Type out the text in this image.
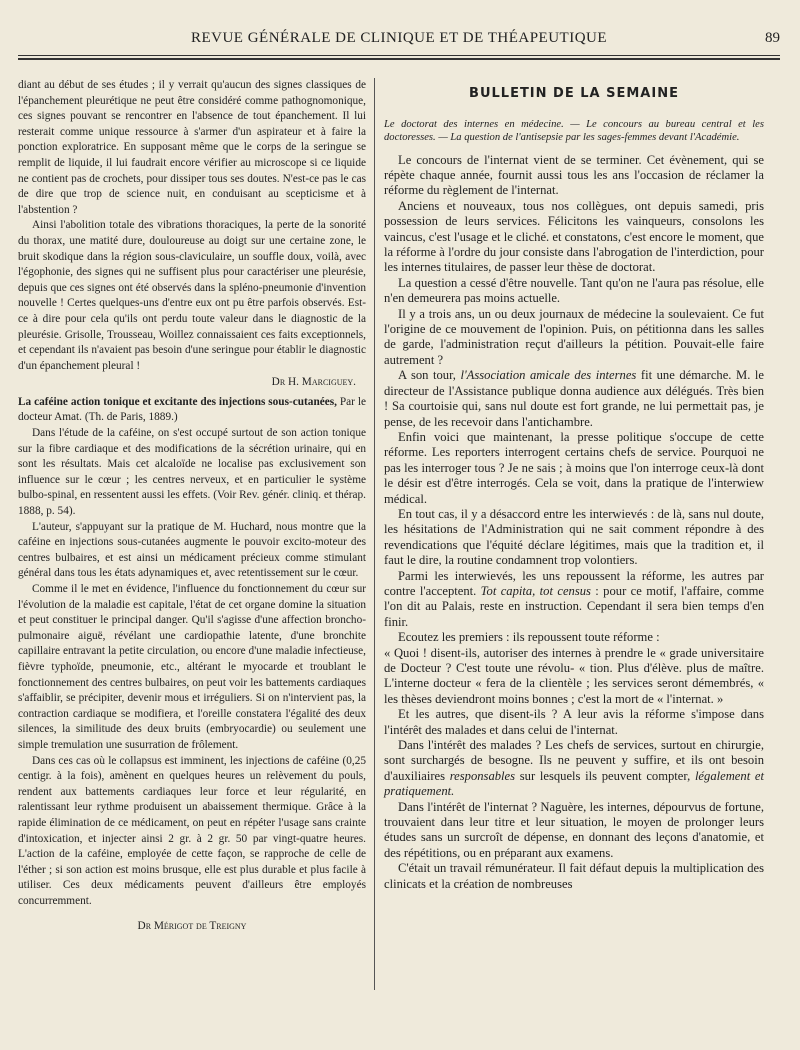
REVUE GÉNÉRALE DE CLINIQUE ET DE THÉAPEUTIQUE	89

diant au début de ses études ; il y verrait qu'aucun des signes classiques de l'épanchement pleurétique ne peut être considéré comme pathognomonique, ces signes pouvant se rencontrer en l'absence de tout épanchement. Il lui resterait comme unique ressource à s'armer d'un aspirateur et à faire la ponction exploratrice. En supposant même que le corps de la seringue se remplit de liquide, il lui faudrait encore vérifier au microscope si ce liquide ne contient pas de crochets, pour dissiper tous ses doutes. N'est-ce pas le cas de dire que trop de science nuit, en conduisant au scepticisme et à l'abstention ?

Ainsi l'abolition totale des vibrations thoraciques, la perte de la sonorité du thorax, une matité dure, douloureuse au doigt sur une certaine zone, le bruit skodique dans la région sous-claviculaire, un souffle doux, voilà, avec l'égophonie, des signes qui ne suffisent plus pour caractériser une pleurésie, depuis que ces signes ont été observés dans la spléno-pneumonie d'invention nouvelle ! Certes quelques-uns d'entre eux ont pu être parfois observés. Est-ce à dire pour cela qu'ils ont perdu toute valeur dans le diagnostic de la pleurésie. Grisolle, Trousseau, Woillez connaissaient ces faits exceptionnels, et cependant ils n'avaient pas besoin d'une seringue pour établir le diagnostic d'un épanchement pleural !

Dr H. Marciguey.

La caféine action tonique et excitante des injections sous-cutanées, Par le docteur Amat. (Th. de Paris, 1889.)

Dans l'étude de la caféine, on s'est occupé surtout de son action tonique sur la fibre cardiaque et des modifications de la sécrétion urinaire, qui en sont les résultats. Mais cet alcaloïde ne localise pas exclusivement son influence sur le cœur ; les centres nerveux, et en particulier le système bulbo-spinal, en ressentent aussi les effets. (Voir Rev. génér. cliniq. et thérap. 1888, p. 54).

L'auteur, s'appuyant sur la pratique de M. Huchard, nous montre que la caféine en injections sous-cutanées augmente le pouvoir excito-moteur des centres bulbaires, et est ainsi un médicament précieux comme stimulant général dans tous les états adynamiques et, avec retentissement sur le cœur.

Comme il le met en évidence, l'influence du fonctionnement du cœur sur l'évolution de la maladie est capitale, l'état de cet organe domine la situation et peut constituer le principal danger. Qu'il s'agisse d'une affection broncho-pulmonaire aiguë, révélant une cardiopathie latente, d'une bronchite capillaire entravant la petite circulation, ou encore d'une maladie infectieuse, fièvre typhoïde, pneumonie, etc., altérant le myocarde et troublant le fonctionnement des centres bulbaires, on peut voir les battements cardiaques s'affaiblir, se précipiter, devenir mous et irréguliers. Si on n'intervient pas, la contraction cardiaque se modifiera, et l'oreille constatera l'égalité des deux silences, la similitude des deux bruits (embryocardie) ou seulement une simple tremulation une susurration de frôlement.

Dans ces cas où le collapsus est imminent, les injections de caféine (0,25 centigr. à la fois), amènent en quelques heures un relèvement du pouls, rendent aux battements cardiaques leur force et leur régularité, en ralentissant leur rythme produisent un abaissement thermique. Grâce à la rapide élimination de ce médicament, on peut en répéter l'usage sans crainte d'intoxication, et injecter ainsi 2 gr. à 2 gr. 50 par vingt-quatre heures. L'action de la caféine, employée de cette façon, se rapproche de celle de l'éther ; si son action est moins brusque, elle est plus durable et plus facile à utiliser. Ces deux médicaments peuvent d'ailleurs être employés concurremment.

Dr Mérigot de Treigny
BULLETIN DE LA SEMAINE
Le doctorat des internes en médecine. — Le concours au bureau central et les doctoresses. — La question de l'antisepsie par les sages-femmes devant l'Académie.

Le concours de l'internat vient de se terminer. Cet évènement, qui se répète chaque année, fournit aussi tous les ans l'occasion de réclamer la réforme du règlement de l'internat.

Anciens et nouveaux, tous nos collègues, ont depuis samedi, pris possession de leurs services. Félicitons les vainqueurs, consolons les vaincus, c'est l'usage et le cliché. et constatons, c'est encore le moment, que la réforme à l'ordre du jour consiste dans l'abrogation de l'interdiction, pour les internes titulaires, de passer leur thèse de doctorat.

La question a cessé d'être nouvelle. Tant qu'on ne l'aura pas résolue, elle n'en demeurera pas moins actuelle.

Il y a trois ans, un ou deux journaux de médecine la soulevaient. Ce fut l'origine de ce mouvement de l'opinion. Puis, on pétitionna dans les salles de garde, l'administration reçut d'ailleurs la pétition. Pouvait-elle faire autrement ?

A son tour, l'Association amicale des internes fit une démarche. M. le directeur de l'Assistance publique donna audience aux délégués. Très bien ! Sa courtoisie qui, sans nul doute est fort grande, ne lui permettait pas, je pense, de les recevoir dans l'antichambre.

Enfin voici que maintenant, la presse politique s'occupe de cette réforme. Les reporters interrogent certains chefs de service. Pourquoi ne pas les interroger tous ? Je ne sais ; à moins que l'on interroge ceux-là dont le désir est d'être interrogés. Cela se voit, dans la pratique de l'interwiew médical.

En tout cas, il y a désaccord entre les interwievés : de là, sans nul doute, les hésitations de l'Administration qui ne sait comment répondre à des revendications que l'équité déclare légitimes, mais que la tradition et, il faut le dire, la routine condamnent trop volontiers.

Parmi les interwievés, les uns repoussent la réforme, les autres par contre l'acceptent. Tot capita, tot census : pour ce motif, l'affaire, comme l'on dit au Palais, reste en instruction. Cependant il sera bien temps d'en finir.

Ecoutez les premiers : ils repoussent toute réforme :

« Quoi ! disent-ils, autoriser des internes à prendre le « grade universitaire de Docteur ? C'est toute une révolu- « tion. Plus d'élève. plus de maître. L'interne docteur « fera de la clientèle ; les services seront démembrés, « les thèses deviendront moins bonnes ; c'est la mort de « l'internat. »

Et les autres, que disent-ils ? A leur avis la réforme s'impose dans l'intérêt des malades et dans celui de l'internat.

Dans l'intérêt des malades ? Les chefs de services, surtout en chirurgie, sont surchargés de besogne. Ils ne peuvent y suffire, et ils ont besoin d'auxiliaires responsables sur lesquels ils peuvent compter, légalement et pratiquement.

Dans l'intérêt de l'internat ? Naguère, les internes, dépourvus de fortune, trouvaient dans leur titre et leur situation, le moyen de prolonger leurs études sans un surcroît de dépense, en donnant des leçons d'anatomie, et des répétitions, ou en préparant aux examens.

C'était un travail rémunérateur. Il fait défaut depuis la multiplication des clinicats et la création de nombreuses
